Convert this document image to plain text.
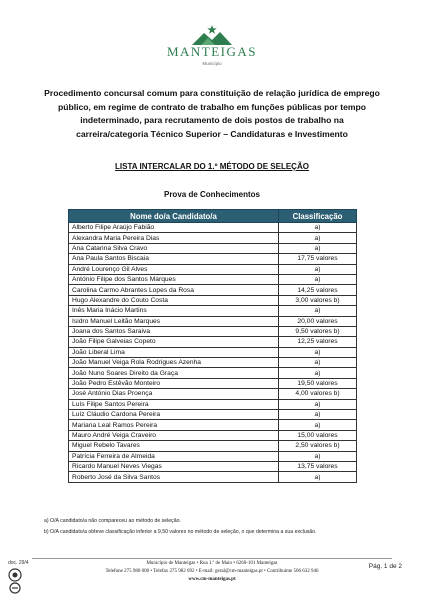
MANTEIGAS
Município
Procedimento concursal comum para constituição de relação jurídica de emprego público, em regime de contrato de trabalho em funções públicas por tempo indeterminado, para recrutamento de dois postos de trabalho na carreira/categoria Técnico Superior – Candidaturas e Investimento
LISTA INTERCALAR DO 1.º MÉTODO DE SELEÇÃO
Prova de Conhecimentos
Nome do/a Candidato/a	Classificação
Alberto Filipe Araújo Fabião	a)
Alexandra Maria Pereira Dias	a)
Ana Catarina Silva Cravo	a)
Ana Paula Santos Biscaia	17,75 valores
André Lourenço Gil Alves	a)
António Filipe dos Santos Marques	a)
Carolina Carmo Abrantes Lopes da Rosa	14,25 valores
Hugo Alexandre do Couto Costa	3,00 valores b)
Inês Maria Inácio Martins	a)
Isidro Manuel Leitão Marques	20,00 valores
Joana dos Santos Saraiva	9,50 valores b)
João Filipe Galveias Copeto	12,25 valores
João Liberal Lima	a)
João Manuel Veiga Rola Rodrigues Azenha	a)
João Nuno Soares Direito da Graça	a)
João Pedro Estêvão Monteiro	19,50 valores
José António Dias Proença	4,00 valores b)
Luís Filipe Santos Pereira	a)
Luíz Cláudio Cardona Pereira	a)
Mariana Leal Ramos Pereira	a)
Mauro André Veiga Craveiro	15,00 valores
Miguel Rebelo Tavares	2,50 valores b)
Patrícia Ferreira de Almeida	a)
Ricardo Manuel Neves Viegas	13,75 valores
Roberto José da Silva Santos	a)
a) O/A candidato/a não compareceu ao método de seleção.
b) O/A candidato/a obteve classificação inferior a 9,50 valores no método de seleção, o que determina a sua exclusão.
doc. 29/4	Município de Manteigas • Rua 1.º de Maio • 6260-101 Manteigas
Telefone 275 980 000 • Telefax 275 982 692 • E-mail: geral@cm-manteigas.pt • Contribuinte 506 632 946
www.cm-manteigas.pt
Pág. 1 de 2
